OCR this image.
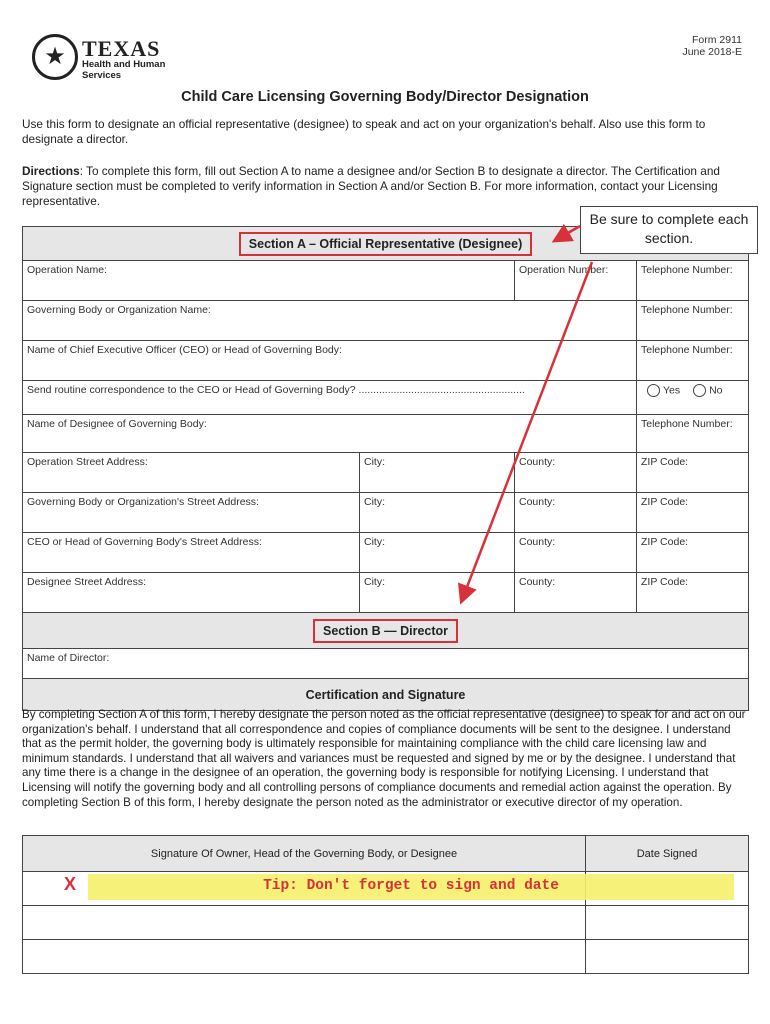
★ TEXAS
Health and Human Services
Form 2911
June 2018-E
Child Care Licensing Governing Body/Director Designation
Use this form to designate an official representative (designee) to speak and act on your organization's behalf. Also use this form to designate a director.
Directions: To complete this form, fill out Section A to name a designee and/or Section B to designate a director. The Certification and Signature section must be completed to verify information in Section A and/or Section B. For more information, contact your Licensing representative.
Section A – Official Representative (Designee)			
Operation Name:		Operation Number:	Telephone Number:
Governing Body or Organization Name:			Telephone Number:
Name of Chief Executive Officer (CEO) or Head of Governing Body:			Telephone Number:
Send routine correspondence to the CEO or Head of Governing Body? .........................................................			Yes No
Name of Designee of Governing Body:			Telephone Number:
Operation Street Address:	City:	County:	ZIP Code:
Governing Body or Organization's Street Address:	City:	County:	ZIP Code:
CEO or Head of Governing Body's Street Address:	City:	County:	ZIP Code:
Designee Street Address:	City:	County:	ZIP Code:
Section B — Director			
Name of Director:			
Certification and Signature			
By completing Section A of this form, I hereby designate the person noted as the official representative (designee) to speak for and act on our organization's behalf. I understand that all correspondence and copies of compliance documents will be sent to the designee. I understand that as the permit holder, the governing body is ultimately responsible for maintaining compliance with the child care licensing law and minimum standards. I understand that all waivers and variances must be requested and signed by me or by the designee. I understand that any time there is a change in the designee of an operation, the governing body is responsible for notifying Licensing. I understand that Licensing will notify the governing body and all controlling persons of compliance documents and remedial action against the operation. By completing Section B of this form, I hereby designate the person noted as the administrator or executive director of my operation.
Signature Of Owner, Head of the Governing Body, or Designee	Date Signed

Tip: Don't forget to sign and date
X
Be sure to complete each section.
